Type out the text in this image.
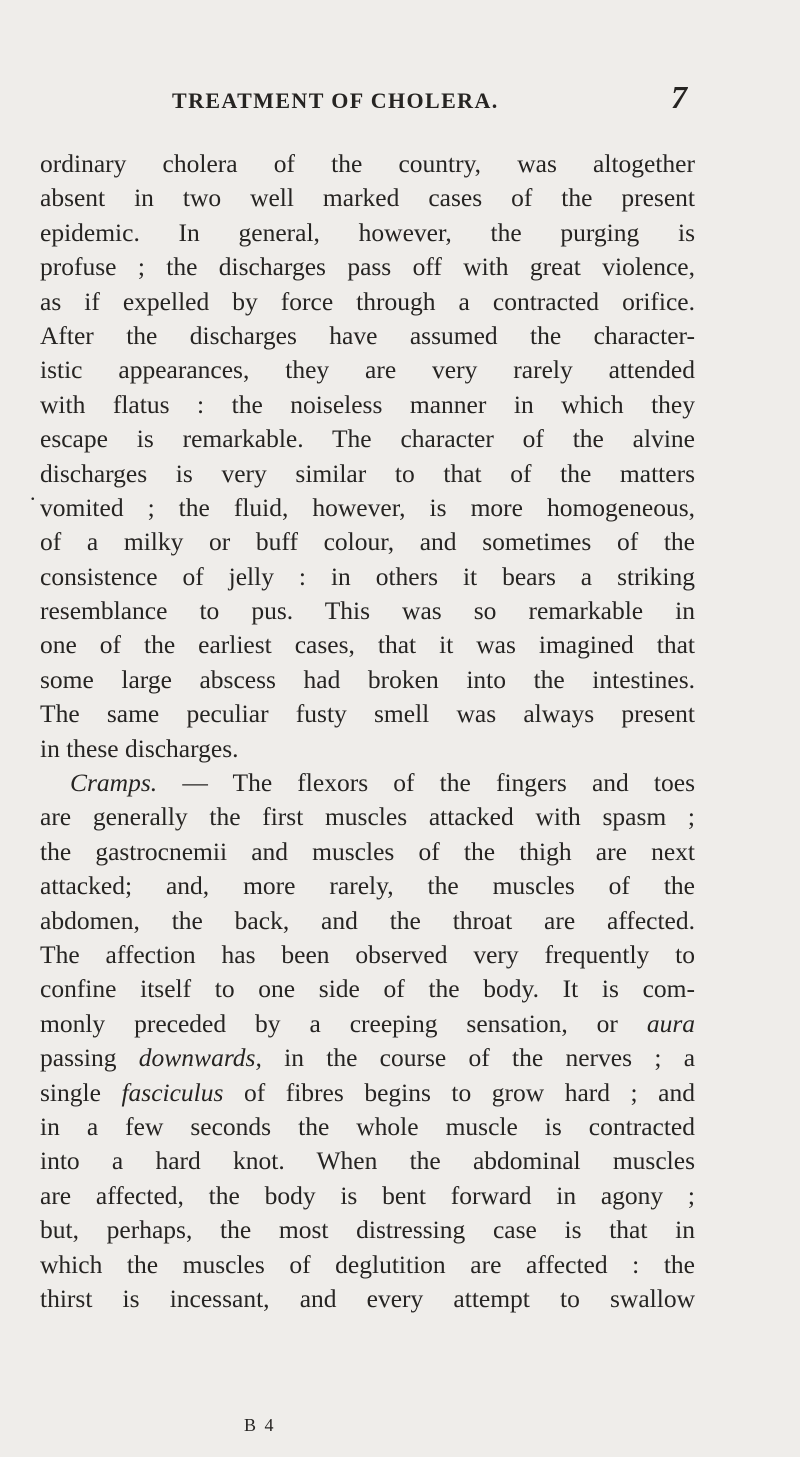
TREATMENT OF CHOLERA.	7
.
ordinary cholera of the country, was altogether
absent in two well marked cases of the present
epidemic. In general, however, the purging is
profuse ; the discharges pass off with great violence,
as if expelled by force through a contracted orifice.
After the discharges have assumed the character-
istic appearances, they are very rarely attended
with flatus : the noiseless manner in which they
escape is remarkable. The character of the alvine
discharges is very similar to that of the matters
vomited ; the fluid, however, is more homogeneous,
of a milky or buff colour, and sometimes of the
consistence of jelly : in others it bears a striking
resemblance to pus. This was so remarkable in
one of the earliest cases, that it was imagined that
some large abscess had broken into the intestines.
The same peculiar fusty smell was always present
in these discharges.
Cramps. — The flexors of the fingers and toes
are generally the first muscles attacked with spasm ;
the gastrocnemii and muscles of the thigh are next
attacked; and, more rarely, the muscles of the
abdomen, the back, and the throat are affected.
The affection has been observed very frequently to
confine itself to one side of the body. It is com-
monly preceded by a creeping sensation, or aura
passing downwards, in the course of the nerves ; a
single fasciculus of fibres begins to grow hard ; and
in a few seconds the whole muscle is contracted
into a hard knot. When the abdominal muscles
are affected, the body is bent forward in agony ;
but, perhaps, the most distressing case is that in
which the muscles of deglutition are affected : the
thirst is incessant, and every attempt to swallow
B 4
